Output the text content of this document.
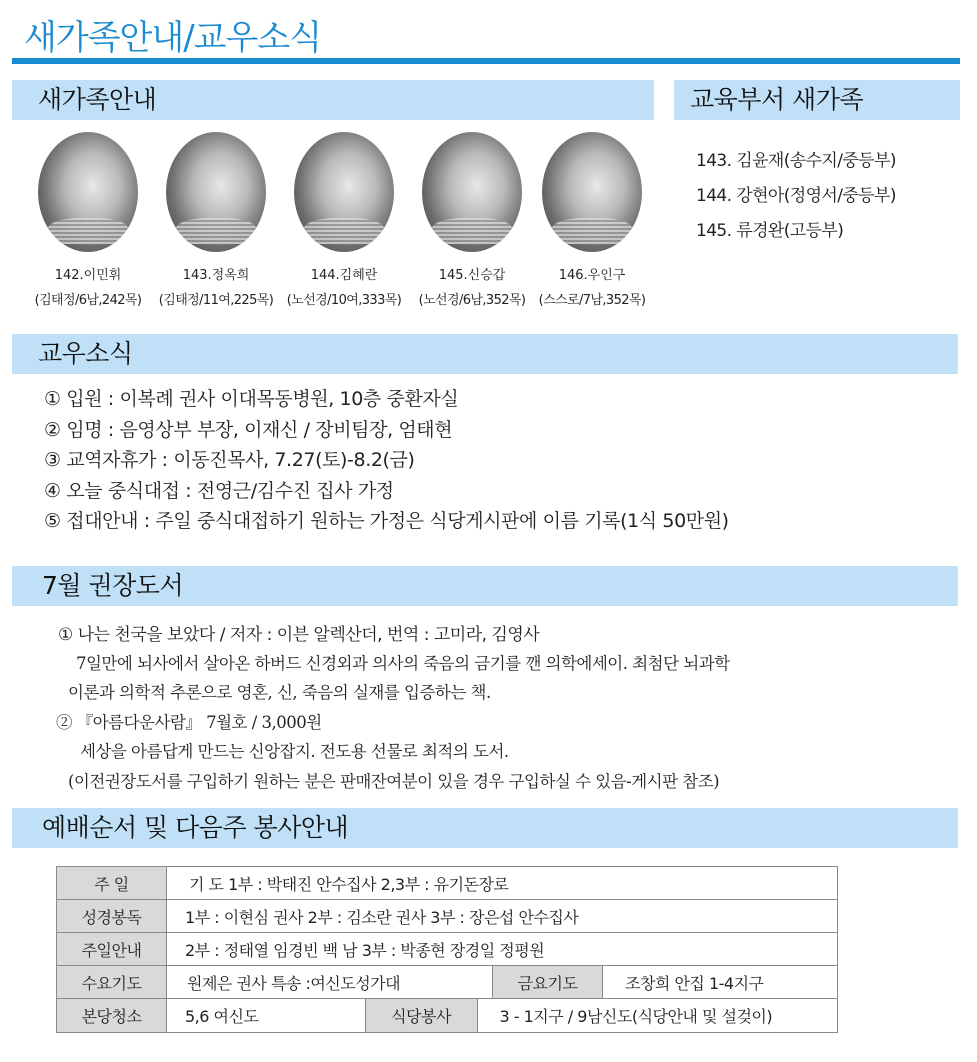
새가족안내/교우소식
새가족안내	교육부서 새가족
142.이민휘
(김태정/6남,242목)
143.정옥희
(김태정/11여,225목)
144.김혜란
(노선경/10여,333목)
145.신승갑
(노선경/6남,352목)
146.우인구
(스스로/7남,352목)
143. 김윤재(송수지/중등부)
144. 강현아(정영서/중등부)
145. 류경완(고등부)
교우소식
① 입원 : 이복례 권사 이대목동병원, 10층 중환자실
② 임명 : 음영상부 부장, 이재신 / 장비팀장, 엄태현
③ 교역자휴가 : 이동진목사, 7.27(토)-8.2(금)
④ 오늘 중식대접 : 전영근/김수진 집사 가정
⑤ 접대안내 : 주일 중식대접하기 원하는 가정은 식당게시판에 이름 기록(1식 50만원)
7월 권장도서
① 나는 천국을 보았다 / 저자 : 이븐 알렉산더, 번역 : 고미라, 김영사
7일만에 뇌사에서 살아온 하버드 신경외과 의사의 죽음의 금기를 깬 의학에세이. 최첨단 뇌과학
이론과 의학적 추론으로 영혼, 신, 죽음의 실재를 입증하는 책.
② 『아름다운사람』 7월호 / 3,000원
세상을 아름답게 만드는 신앙잡지. 전도용 선물로 최적의 도서.
(이전권장도서를 구입하기 원하는 분은 판매잔여분이 있을 경우 구입하실 수 있음-게시판 참조)
예배순서 및 다음주 봉사안내
주 일	기 도 1부 : 박태진 안수집사 2,3부 : 유기돈장로
성경봉독	1부 : 이현심 권사 2부 : 김소란 권사 3부 : 장은섭 안수집사
주일안내	2부 : 정태열 임경빈 백 남 3부 : 박종현 장경일 정평원
수요기도	원제은 권사 특송 :여신도성가대	금요기도	조창희 안집 1-4지구
본당청소		5,6 여신도	식당봉사	3 - 1지구 / 9남신도(식당안내 및 설겆이)
